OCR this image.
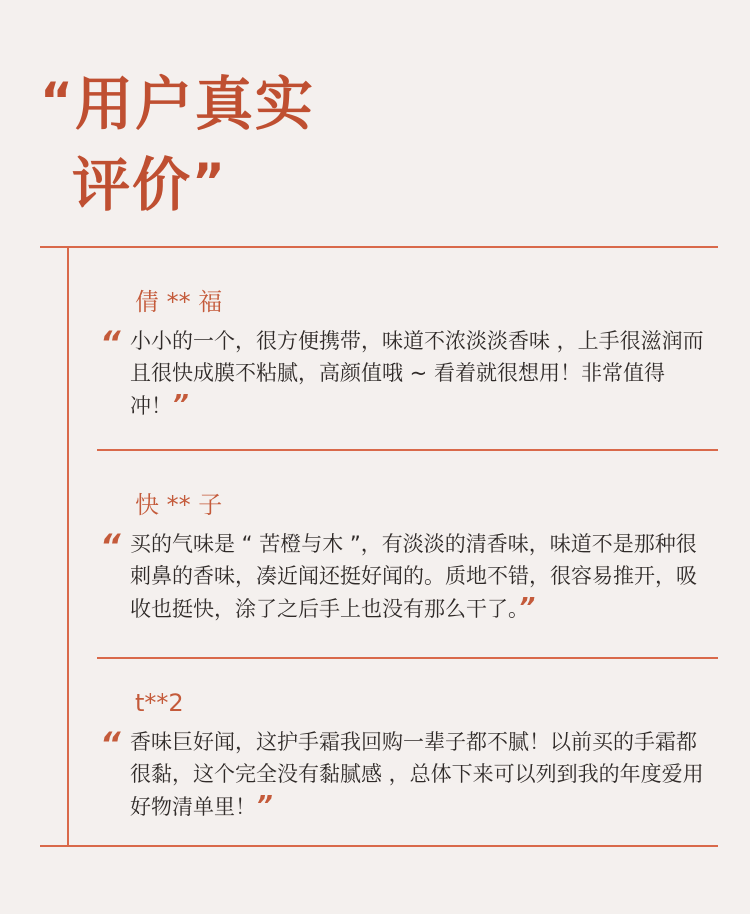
“用户真实
评价”
倩 ** 福
“ 小小的一个，很方便携带，味道不浓淡淡香味 ，上手很滋润而且很快成膜不粘腻，高颜值哦 ~ 看着就很想用！非常值得冲！”
快 ** 子
“ 买的气味是 “ 苦橙与木 ”，有淡淡的清香味，味道不是那种很刺鼻的香味，凑近闻还挺好闻的。质地不错，很容易推开，吸收也挺快，涂了之后手上也没有那么干了。”
t**2
“ 香味巨好闻，这护手霜我回购一辈子都不腻！以前买的手霜都很黏，这个完全没有黏腻感 ，总体下来可以列到我的年度爱用好物清单里！”
